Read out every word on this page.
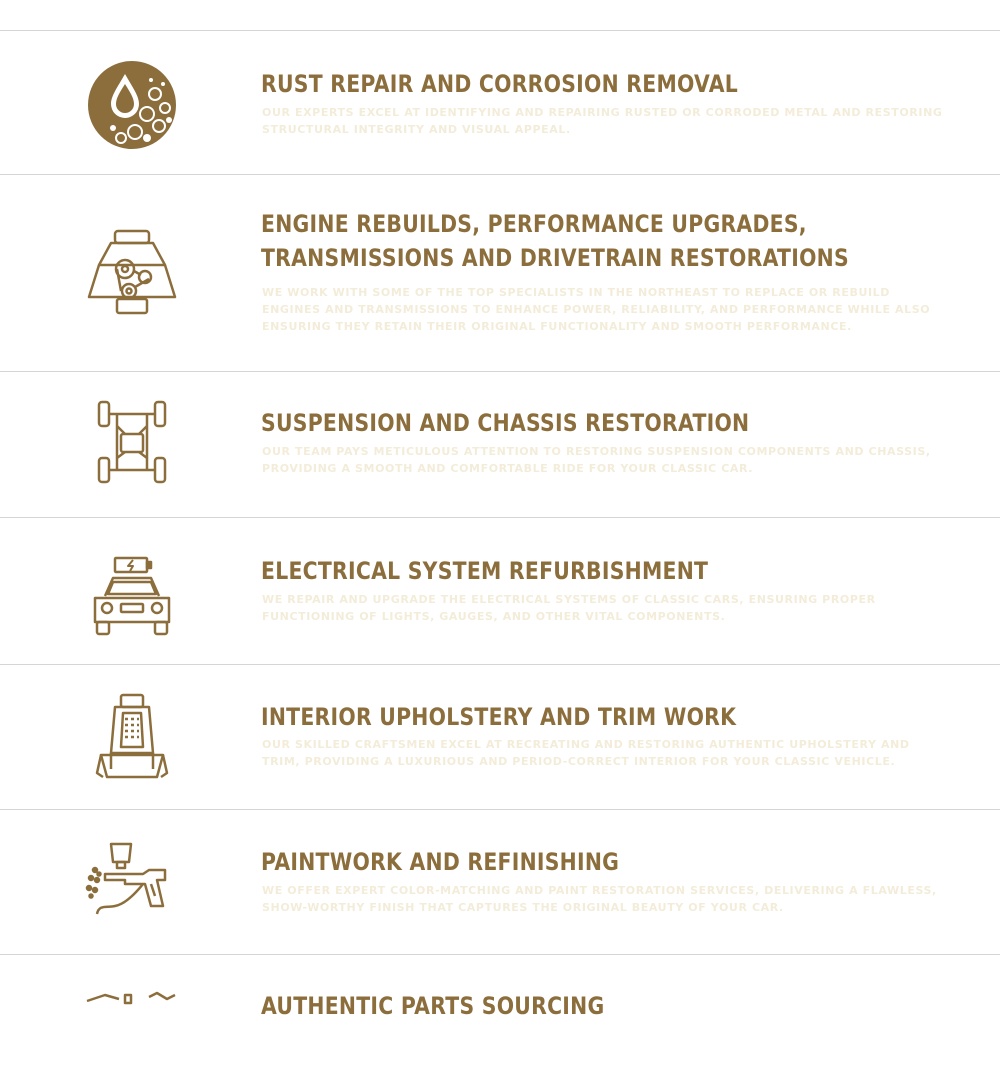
RUST REPAIR AND CORROSION REMOVAL

OUR EXPERTS EXCEL AT IDENTIFYING AND REPAIRING RUSTED OR CORRODED METAL AND RESTORING STRUCTURAL INTEGRITY AND VISUAL APPEAL.

ENGINE REBUILDS, PERFORMANCE UPGRADES, TRANSMISSIONS AND DRIVETRAIN RESTORATIONS

WE WORK WITH SOME OF THE TOP SPECIALISTS IN THE NORTHEAST TO REPLACE OR REBUILD ENGINES AND TRANSMISSIONS TO ENHANCE POWER, RELIABILITY, AND PERFORMANCE WHILE ALSO ENSURING THEY RETAIN THEIR ORIGINAL FUNCTIONALITY AND SMOOTH PERFORMANCE.

SUSPENSION AND CHASSIS RESTORATION

OUR TEAM PAYS METICULOUS ATTENTION TO RESTORING SUSPENSION COMPONENTS AND CHASSIS, PROVIDING A SMOOTH AND COMFORTABLE RIDE FOR YOUR CLASSIC CAR.

ELECTRICAL SYSTEM REFURBISHMENT

WE REPAIR AND UPGRADE THE ELECTRICAL SYSTEMS OF CLASSIC CARS, ENSURING PROPER FUNCTIONING OF LIGHTS, GAUGES, AND OTHER VITAL COMPONENTS.

INTERIOR UPHOLSTERY AND TRIM WORK

OUR SKILLED CRAFTSMEN EXCEL AT RECREATING AND RESTORING AUTHENTIC UPHOLSTERY AND TRIM, PROVIDING A LUXURIOUS AND PERIOD-CORRECT INTERIOR FOR YOUR CLASSIC VEHICLE.

PAINTWORK AND REFINISHING

WE OFFER EXPERT COLOR-MATCHING AND PAINT RESTORATION SERVICES, DELIVERING A FLAWLESS, SHOW-WORTHY FINISH THAT CAPTURES THE ORIGINAL BEAUTY OF YOUR CAR.

AUTHENTIC PARTS SOURCING
